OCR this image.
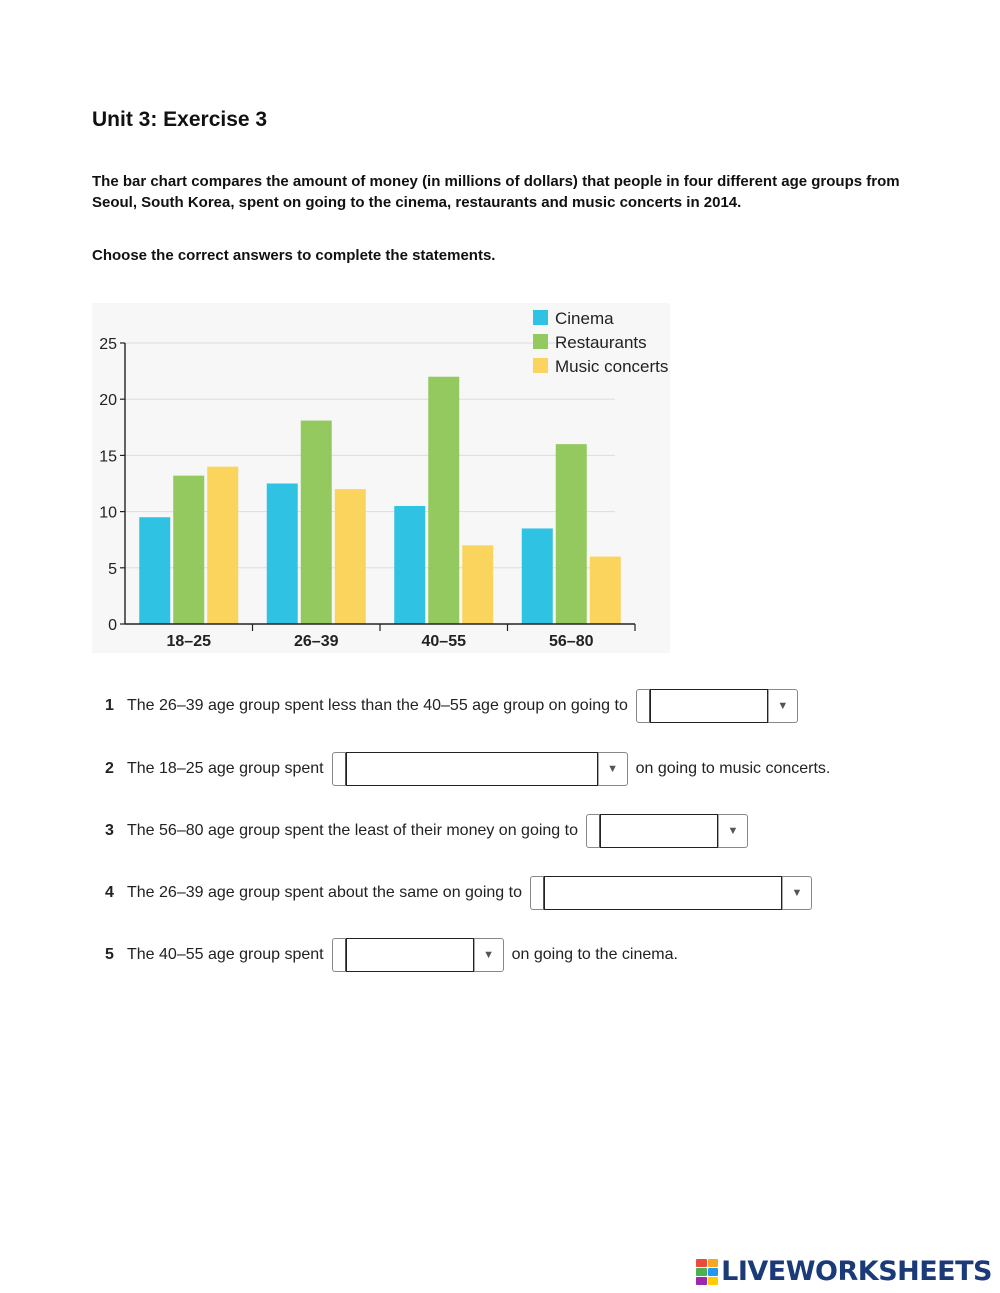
Unit 3: Exercise 3

The bar chart compares the amount of money (in millions of dollars) that people in four different age groups from Seoul, South Korea, spent on going to the cinema, restaurants and music concerts in 2014.

Choose the correct answers to complete the statements.

0
5
10
15
20
25
18–25	26–39	40–55	56–80
Cinema
Restaurants
Music concerts
1 The 26–39 age group spent less than the 40–55 age group on going to	▼
2 The 18–25 age group spent	▼	on going to music concerts.
3 The 56–80 age group spent the least of their money on going to	▼
4 The 26–39 age group spent about the same on going to	▼
5 The 40–55 age group spent	▼	on going to the cinema.
LIVEWORKSHEETS
